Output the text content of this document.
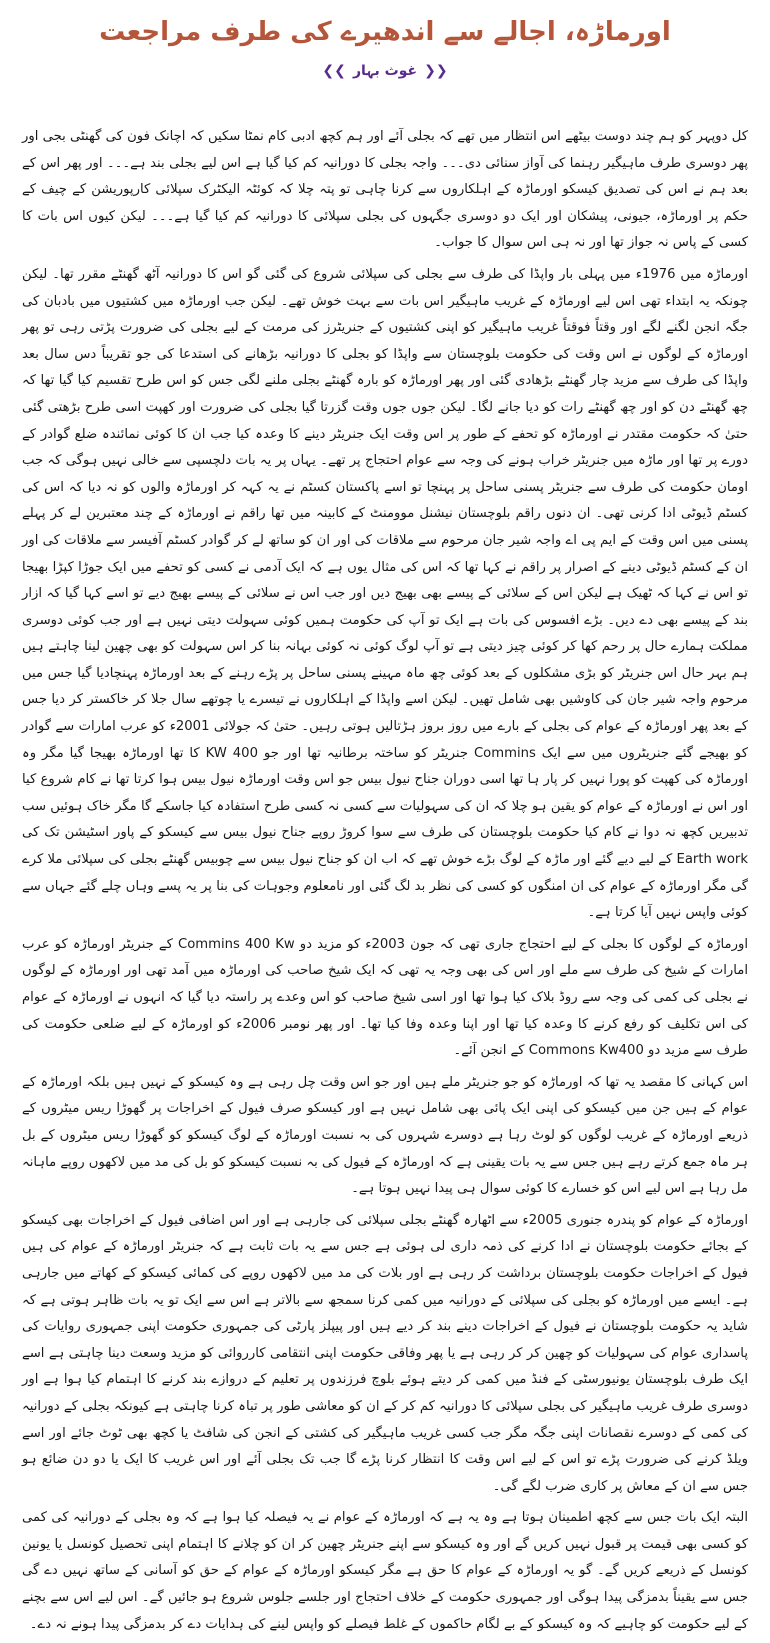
اورماڑہ، اجالے سے اندھیرے کی طرف مراجعت
❮❮ غوث بہار ❯❯

کل دوپہر کو ہم چند دوست بیٹھے اس انتظار میں تھے کہ بجلی آئے اور ہم کچھ ادبی کام نمٹا سکیں کہ اچانک فون کی گھنٹی بجی اور پھر دوسری طرف ماہیگیر رہنما کی آواز سنائی دی۔۔۔ واجہ بجلی کا دورانیہ کم کیا گیا ہے اس لیے بجلی بند ہے۔۔۔ اور پھر اس کے بعد ہم نے اس کی تصدیق کیسکو اورماڑہ کے اہلکاروں سے کرنا چاہی تو پتہ چلا کہ کوئٹہ الیکٹرک سپلائی کارپوریشن کے چیف کے حکم پر اورماڑہ، جیونی، پیشکان اور ایک دو دوسری جگہوں کی بجلی سپلائی کا دورانیہ کم کیا گیا ہے۔۔۔ لیکن کیوں اس بات کا کسی کے پاس نہ جواز تھا اور نہ ہی اس سوال کا جواب۔

اورماڑہ میں 1976ء میں پہلی بار واپڈا کی طرف سے بجلی کی سپلائی شروع کی گئی گو اس کا دورانیہ آٹھ گھنٹے مقرر تھا۔ لیکن چونکہ یہ ابتداء تھی اس لیے اورماڑہ کے غریب ماہیگیر اس بات سے بہت خوش تھے۔ لیکن جب اورماڑہ میں کشتیوں میں بادبان کی جگہ انجن لگنے لگے اور وقتاً فوقتاً غریب ماہیگیر کو اپنی کشتیوں کے جنریٹرز کی مرمت کے لیے بجلی کی ضرورت پڑتی رہی تو پھر اورماڑہ کے لوگوں نے اس وقت کی حکومت بلوچستان سے واپڈا کو بجلی کا دورانیہ بڑھانے کی استدعا کی جو تقریباً دس سال بعد واپڈا کی طرف سے مزید چار گھنٹے بڑھادی گئی اور پھر اورماڑہ کو بارہ گھنٹے بجلی ملنے لگی جس کو اس طرح تقسیم کیا گیا تھا کہ چھ گھنٹے دن کو اور چھ گھنٹے رات کو دیا جانے لگا۔ لیکن جوں جوں وقت گزرتا گیا بجلی کی ضرورت اور کھپت اسی طرح بڑھتی گئی حتیٰ کہ حکومت مقتدر نے اورماڑہ کو تحفے کے طور پر اس وقت ایک جنریٹر دینے کا وعدہ کیا جب ان کا کوئی نمائندہ ضلع گوادر کے دورے پر تھا اور ماڑہ میں جنریٹر خراب ہونے کی وجہ سے عوام احتجاج پر تھے۔ یہاں پر یہ بات دلچسپی سے خالی نہیں ہوگی کہ جب اومان حکومت کی طرف سے جنریٹر پسنی ساحل پر پہنچا تو اسے پاکستان کسٹم نے یہ کہہ کر اورماڑہ والوں کو نہ دیا کہ اس کی کسٹم ڈیوٹی ادا کرنی تھی۔ ان دنوں راقم بلوچستان نیشنل موومنٹ کے کابینہ میں تھا راقم نے اورماڑہ کے چند معتبرین لے کر پہلے پسنی میں اس وقت کے ایم پی اے واجہ شیر جان مرحوم سے ملاقات کی اور ان کو ساتھ لے کر گوادر کسٹم آفیسر سے ملاقات کی اور ان کے کسٹم ڈیوٹی دینے کے اصرار پر راقم نے کہا تھا کہ اس کی مثال یوں ہے کہ ایک آدمی نے کسی کو تحفے میں ایک جوڑا کپڑا بھیجا تو اس نے کہا کہ ٹھیک ہے لیکن اس کے سلائی کے پیسے بھی بھیج دیں اور جب اس نے سلائی کے پیسے بھیج دیے تو اسے کہا گیا کہ ازار بند کے پیسے بھی دے دیں۔ بڑے افسوس کی بات ہے ایک تو آپ کی حکومت ہمیں کوئی سہولت دیتی نہیں ہے اور جب کوئی دوسری مملکت ہمارے حال پر رحم کھا کر کوئی چیز دیتی ہے تو آپ لوگ کوئی نہ کوئی بہانہ بنا کر اس سہولت کو بھی چھین لینا چاہتے ہیں ہم بہر حال اس جنریٹر کو بڑی مشکلوں کے بعد کوئی چھ ماہ مہینے پسنی ساحل پر پڑے رہنے کے بعد اورماڑہ پہنچادیا گیا جس میں مرحوم واجہ شیر جان کی کاوشیں بھی شامل تھیں۔ لیکن اسے واپڈا کے اہلکاروں نے تیسرے یا چوتھے سال جلا کر خاکستر کر دیا جس کے بعد پھر اورماڑہ کے عوام کی بجلی کے بارے میں روز بروز ہڑتالیں ہوتی رہیں۔ حتیٰ کہ جولائی 2001ء کو عرب امارات سے گوادر کو بھیجے گئے جنریٹروں میں سے ایک Commins جنریٹر کو ساختہ برطانیہ تھا اور جو 400 KW کا تھا اورماڑہ بھیجا گیا مگر وہ اورماڑہ کی کھپت کو پورا نہیں کر پار ہا تھا اسی دوران جناح نیول بیس جو اس وقت اورماڑہ نیول بیس ہوا کرتا تھا نے کام شروع کیا اور اس نے اورماڑہ کے عوام کو یقین ہو چلا کہ ان کی سہولیات سے کسی نہ کسی طرح استفادہ کیا جاسکے گا مگر خاک ہوئیں سب تدبیریں کچھ نہ دوا نے کام کیا حکومت بلوچستان کی طرف سے سوا کروڑ روپے جناح نیول بیس سے کیسکو کے پاور اسٹیشن تک کی Earth work کے لیے دیے گئے اور ماڑہ کے لوگ بڑے خوش تھے کہ اب ان کو جناح نیول بیس سے چوبیس گھنٹے بجلی کی سپلائی ملا کرے گی مگر اورماڑہ کے عوام کی ان امنگوں کو کسی کی نظر بد لگ گئی اور نامعلوم وجوہات کی بنا پر یہ پسے وہاں چلے گئے جہاں سے کوئی واپس نہیں آیا کرتا ہے۔

اورماڑہ کے لوگوں کا بجلی کے لیے احتجاج جاری تھی کہ جون 2003ء کو مزید دو Commins 400 Kw کے جنریٹر اورماڑہ کو عرب امارات کے شیخ کی طرف سے ملے اور اس کی بھی وجہ یہ تھی کہ ایک شیخ صاحب کی اورماڑہ میں آمد تھی اور اورماڑہ کے لوگوں نے بجلی کی کمی کی وجہ سے روڈ بلاک کیا ہوا تھا اور اسی شیخ صاحب کو اس وعدے پر راستہ دیا گیا کہ انہوں نے اورماڑہ کے عوام کی اس تکلیف کو رفع کرنے کا وعدہ کیا تھا اور اپنا وعدہ وفا کیا تھا۔ اور پھر نومبر 2006ء کو اورماڑہ کے لیے ضلعی حکومت کی طرف سے مزید دو Commons Kw400 کے انجن آئے۔

اس کہانی کا مقصد یہ تھا کہ اورماڑہ کو جو جنریٹر ملے ہیں اور جو اس وقت چل رہی ہے وہ کیسکو کے نہیں ہیں بلکہ اورماڑہ کے عوام کے ہیں جن میں کیسکو کی اپنی ایک پائی بھی شامل نہیں ہے اور کیسکو صرف فیول کے اخراجات پر گھوڑا ریس میٹروں کے ذریعے اورماڑہ کے غریب لوگوں کو لوٹ رہا ہے دوسرے شہروں کی بہ نسبت اورماڑہ کے لوگ کیسکو کو گھوڑا ریس میٹروں کے بل ہر ماہ جمع کرتے رہے ہیں جس سے یہ بات یقینی ہے کہ اورماڑہ کے فیول کی بہ نسبت کیسکو کو بل کی مد میں لاکھوں روپے ماہانہ مل رہا ہے اس لیے اس کو خسارے کا کوئی سوال ہی پیدا نہیں ہوتا ہے۔

اورماڑہ کے عوام کو پندرہ جنوری 2005ء سے اٹھارہ گھنٹے بجلی سپلائی کی جارہی ہے اور اس اضافی فیول کے اخراجات بھی کیسکو کے بجائے حکومت بلوچستان نے ادا کرنے کی ذمہ داری لی ہوئی ہے جس سے یہ بات ثابت ہے کہ جنریٹر اورماڑہ کے عوام کی ہیں فیول کے اخراجات حکومت بلوچستان برداشت کر رہی ہے اور بلات کی مد میں لاکھوں روپے کی کمائی کیسکو کے کھاتے میں جارہی ہے۔ ایسے میں اورماڑہ کو بجلی کی سپلائی کے دورانیہ میں کمی کرنا سمجھ سے بالاتر ہے اس سے ایک تو یہ بات ظاہر ہوتی ہے کہ شاید یہ حکومت بلوچستان نے فیول کے اخراجات دینے بند کر دیے ہیں اور پیپلز پارٹی کی جمہوری حکومت اپنی جمہوری روایات کی پاسداری عوام کی سہولیات کو چھین کر کر رہی ہے یا پھر وفاقی حکومت اپنی انتقامی کارروائی کو مزید وسعت دینا چاہتی ہے اسے ایک طرف بلوچستان یونیورسٹی کے فنڈ میں کمی کر دیتے ہوئے بلوچ فرزندوں پر تعلیم کے دروازے بند کرنے کا اہتمام کیا ہوا ہے اور دوسری طرف غریب ماہیگیر کی بجلی سپلائی کا دورانیہ کم کر کے ان کو معاشی طور پر تباہ کرنا چاہتی ہے کیونکہ بجلی کے دورانیہ کی کمی کے دوسرے نقصانات اپنی جگہ مگر جب کسی غریب ماہیگیر کی کشتی کے انجن کی شافٹ یا کچھ بھی ٹوٹ جائے اور اسے ویلڈ کرنے کی ضرورت پڑے تو اس کے لیے اس وقت کا انتظار کرنا پڑے گا جب تک بجلی آئے اور اس غریب کا ایک یا دو دن ضائع ہو جس سے ان کے معاش پر کاری ضرب لگے گی۔

البتہ ایک بات جس سے کچھ اطمینان ہوتا ہے وہ یہ ہے کہ اورماڑہ کے عوام نے یہ فیصلہ کیا ہوا ہے کہ وہ بجلی کے دورانیہ کی کمی کو کسی بھی قیمت پر قبول نہیں کریں گے اور وہ کیسکو سے اپنے جنریٹر چھین کر ان کو چلانے کا اہتمام اپنی تحصیل کونسل یا یونین کونسل کے ذریعے کریں گے۔ گو یہ اورماڑہ کے عوام کا حق ہے مگر کیسکو اورماڑہ کے عوام کے حق کو آسانی کے ساتھ نہیں دے گی جس سے یقیناً بدمزگی پیدا ہوگی اور جمہوری حکومت کے خلاف احتجاج اور جلسے جلوس شروع ہو جائیں گے۔ اس لیے اس سے بچنے کے لیے حکومت کو چاہیے کہ وہ کیسکو کے بے لگام حاکموں کے غلط فیصلے کو واپس لینے کی ہدایات دے کر بدمزگی پیدا ہونے نہ دے۔
